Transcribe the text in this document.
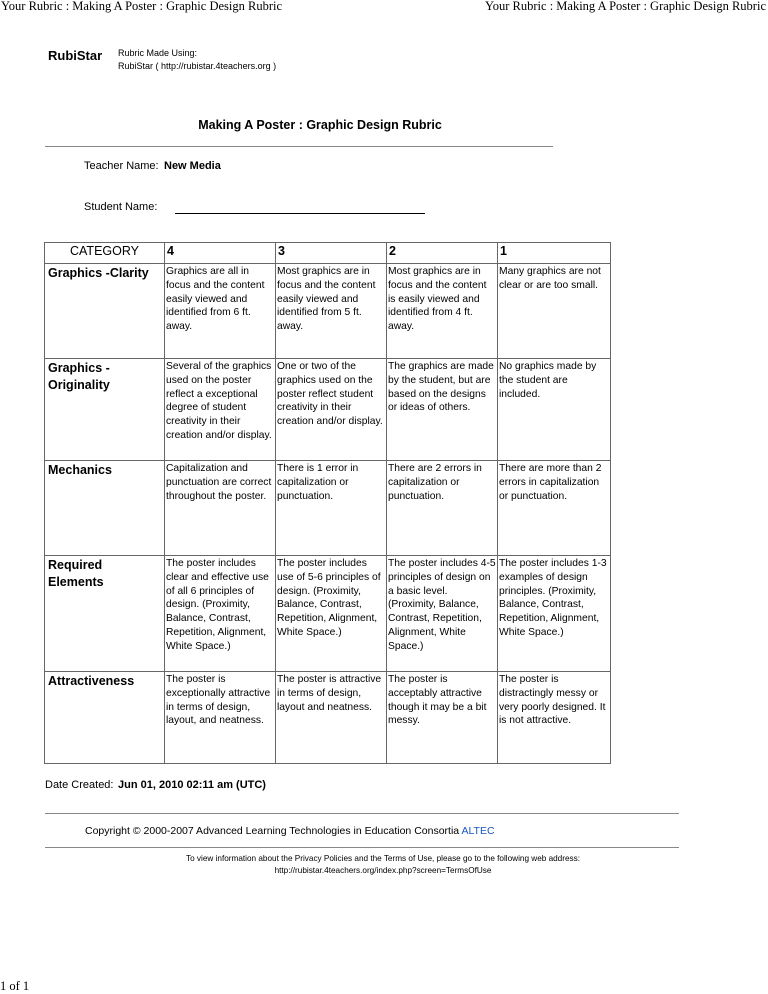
Your Rubric : Making A Poster : Graphic Design Rubric	Your Rubric : Making A Poster : Graphic Design Rubric
RubiStar Rubric Made Using:
RubiStar ( http://rubistar.4teachers.org )
Making A Poster : Graphic Design Rubric
Teacher Name: New Media
Student Name:
CATEGORY	4	3	2	1
Graphics -Clarity	Graphics are all in focus and the content easily viewed and identified from 6 ft. away.	Most graphics are in focus and the content easily viewed and identified from 5 ft. away.	Most graphics are in focus and the content is easily viewed and identified from 4 ft. away.	Many graphics are not clear or are too small.
Graphics - Originality	Several of the graphics used on the poster reflect a exceptional degree of student creativity in their creation and/or display.	One or two of the graphics used on the poster reflect student creativity in their creation and/or display.	The graphics are made by the student, but are based on the designs or ideas of others.	No graphics made by the student are included.
Mechanics	Capitalization and punctuation are correct throughout the poster.	There is 1 error in capitalization or punctuation.	There are 2 errors in capitalization or punctuation.	There are more than 2 errors in capitalization or punctuation.
Required Elements	The poster includes clear and effective use of all 6 principles of design. (Proximity, Balance, Contrast, Repetition, Alignment, White Space.)	The poster includes use of 5-6 principles of design. (Proximity, Balance, Contrast, Repetition, Alignment, White Space.)	The poster includes 4-5 principles of design on a basic level. (Proximity, Balance, Contrast, Repetition, Alignment, White Space.)	The poster includes 1-3 examples of design principles. (Proximity, Balance, Contrast, Repetition, Alignment, White Space.)
Attractiveness	The poster is exceptionally attractive in terms of design, layout, and neatness.	The poster is attractive in terms of design, layout and neatness.	The poster is acceptably attractive though it may be a bit messy.	The poster is distractingly messy or very poorly designed. It is not attractive.
Date Created: Jun 01, 2010 02:11 am (UTC)
Copyright © 2000-2007 Advanced Learning Technologies in Education Consortia ALTEC
To view information about the Privacy Policies and the Terms of Use, please go to the following web address:
http://rubistar.4teachers.org/index.php?screen=TermsOfUse
1 of 1
